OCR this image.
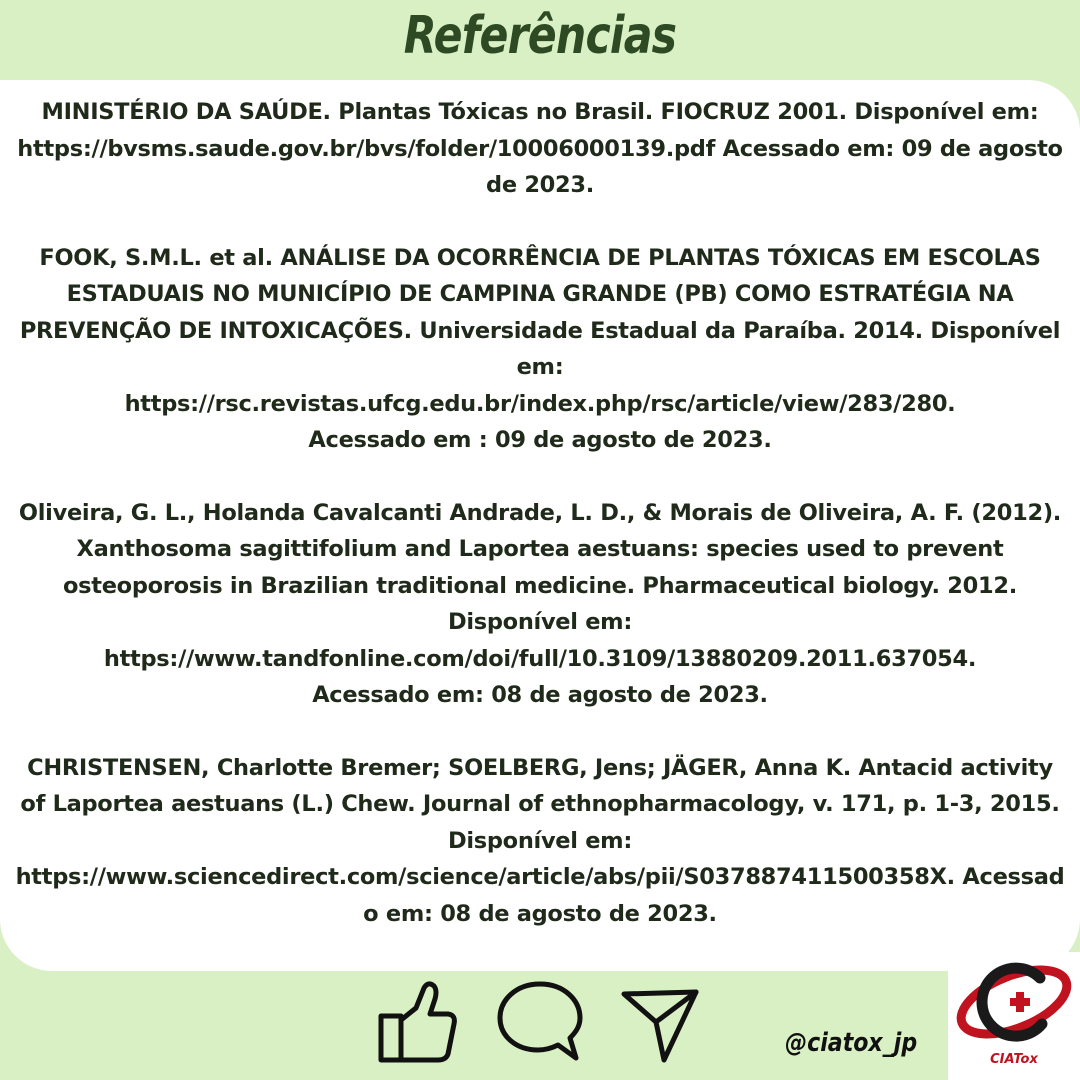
Referências

MINISTÉRIO DA SAÚDE. Plantas Tóxicas no Brasil. FIOCRUZ 2001. Disponível em: https://bvsms.saude.gov.br/bvs/folder/10006000139.pdf Acessado em: 09 de agosto de 2023.

FOOK, S.M.L. et al. ANÁLISE DA OCORRÊNCIA DE PLANTAS TÓXICAS EM ESCOLAS ESTADUAIS NO MUNICÍPIO DE CAMPINA GRANDE (PB) COMO ESTRATÉGIA NA PREVENÇÃO DE INTOXICAÇÕES. Universidade Estadual da Paraíba. 2014. Disponível em:
https://rsc.revistas.ufcg.edu.br/index.php/rsc/article/view/283/280.
Acessado em : 09 de agosto de 2023.

Oliveira, G. L., Holanda Cavalcanti Andrade, L. D., & Morais de Oliveira, A. F. (2012). Xanthosoma sagittifolium and Laportea aestuans: species used to prevent osteoporosis in Brazilian traditional medicine. Pharmaceutical biology. 2012. Disponível em:
https://www.tandfonline.com/doi/full/10.3109/13880209.2011.637054.
Acessado em: 08 de agosto de 2023.

CHRISTENSEN, Charlotte Bremer; SOELBERG, Jens; JÄGER, Anna K. Antacid activity of Laportea aestuans (L.) Chew. Journal of ethnopharmacology, v. 171, p. 1-3, 2015. Disponível em:
https://www.sciencedirect.com/science/article/abs/pii/S037887411500358X. Acessado em: 08 de agosto de 2023.

@ciatox_jp
CIATox
